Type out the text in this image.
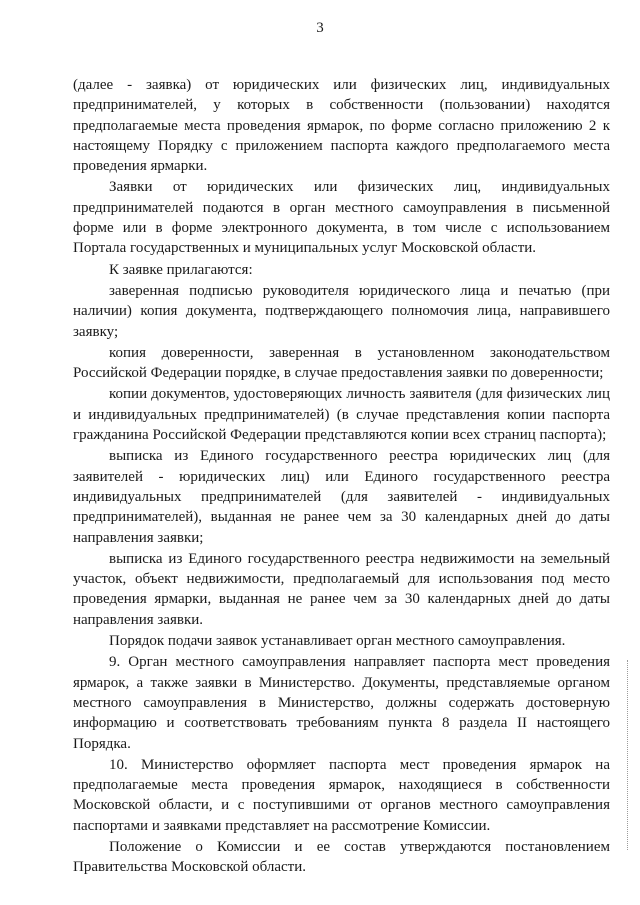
3

(далее - заявка) от юридических или физических лиц, индивидуальных предпринимателей, у которых в собственности (пользовании) находятся предполагаемые места проведения ярмарок, по форме согласно приложению 2 к настоящему Порядку с приложением паспорта каждого предполагаемого места проведения ярмарки.

Заявки от юридических или физических лиц, индивидуальных предпринимателей подаются в орган местного самоуправления в письменной форме или в форме электронного документа, в том числе с использованием Портала государственных и муниципальных услуг Московской области.

К заявке прилагаются:

заверенная подписью руководителя юридического лица и печатью (при наличии) копия документа, подтверждающего полномочия лица, направившего заявку;

копия доверенности, заверенная в установленном законодательством Российской Федерации порядке, в случае предоставления заявки по доверенности;

копии документов, удостоверяющих личность заявителя (для физических лиц и индивидуальных предпринимателей) (в случае представления копии паспорта гражданина Российской Федерации представляются копии всех страниц паспорта);

выписка из Единого государственного реестра юридических лиц (для заявителей - юридических лиц) или Единого государственного реестра индивидуальных предпринимателей (для заявителей - индивидуальных предпринимателей), выданная не ранее чем за 30 календарных дней до даты направления заявки;

выписка из Единого государственного реестра недвижимости на земельный участок, объект недвижимости, предполагаемый для использования под место проведения ярмарки, выданная не ранее чем за 30 календарных дней до даты направления заявки.

Порядок подачи заявок устанавливает орган местного самоуправления.

9. Орган местного самоуправления направляет паспорта мест проведения ярмарок, а также заявки в Министерство. Документы, представляемые органом местного самоуправления в Министерство, должны содержать достоверную информацию и соответствовать требованиям пункта 8 раздела II настоящего Порядка.

10. Министерство оформляет паспорта мест проведения ярмарок на предполагаемые места проведения ярмарок, находящиеся в собственности Московской области, и с поступившими от органов местного самоуправления паспортами и заявками представляет на рассмотрение Комиссии.

Положение о Комиссии и ее состав утверждаются постановлением Правительства Московской области.
